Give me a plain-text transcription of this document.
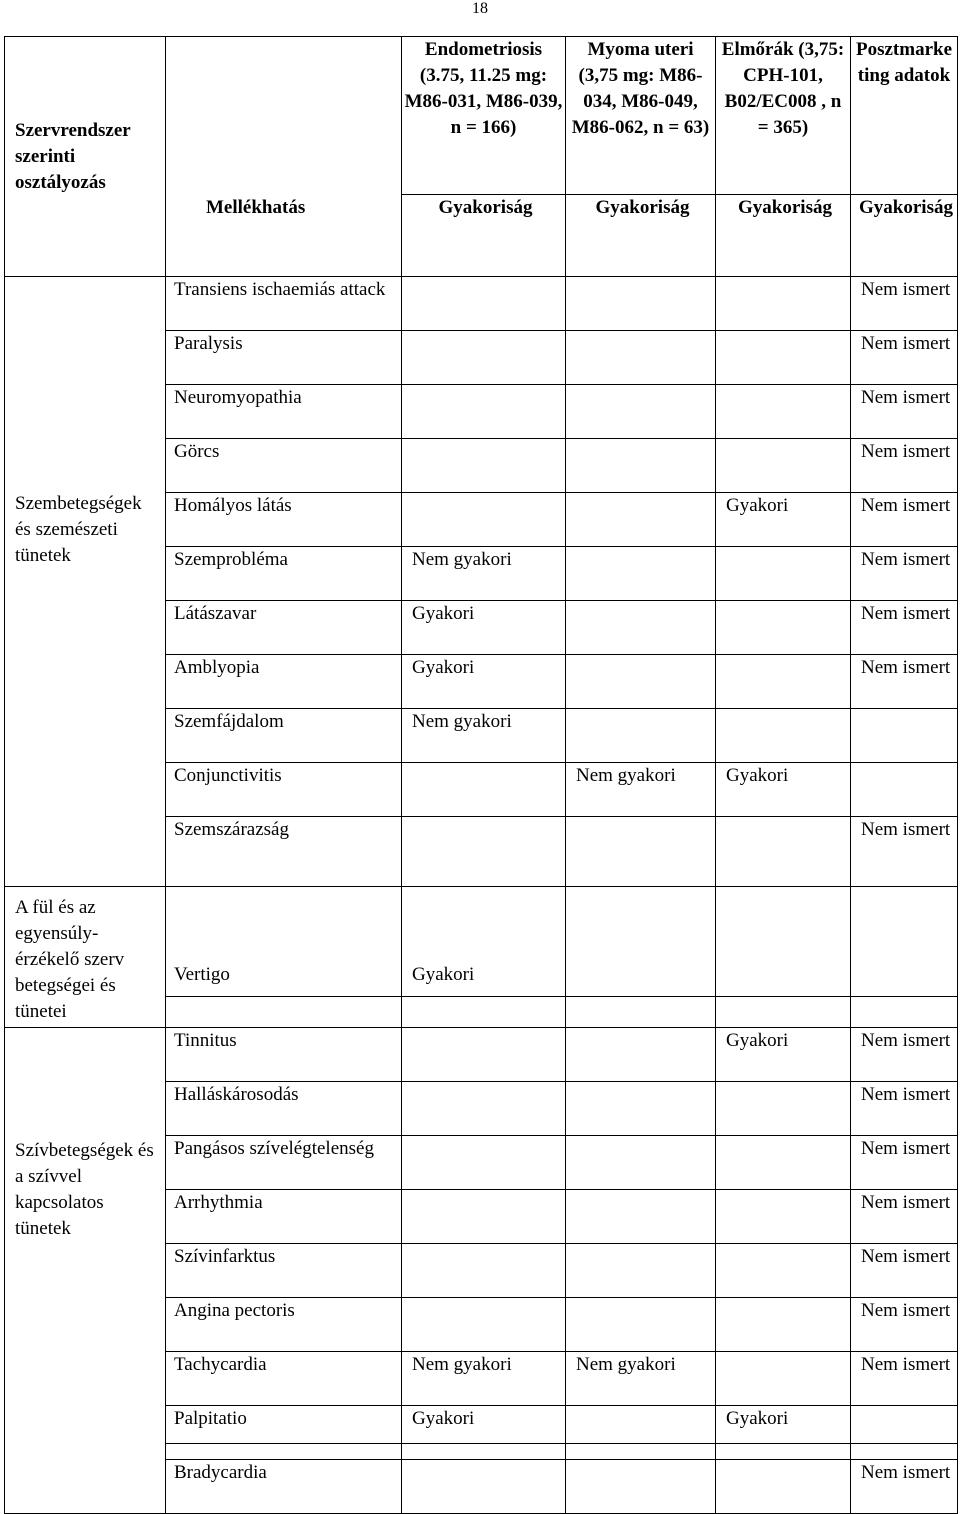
18
Szervrendszer szerinti osztályozás		Endometriosis (3.75, 11.25 mg: M86-031, M86-039, n = 166)	Myoma uteri (3,75 mg: M86-034, M86-049, M86-062, n = 63)	Elmőrák (3,75: CPH-101, B02/EC008 , n = 365)	Posztmarketing adatok
	Mellékhatás	Gyakoriság	Gyakoriság	Gyakoriság	Gyakoriság
Szembetegségek és szemészeti tünetek	Transiens ischaemiás attack				Nem ismert
	Paralysis				Nem ismert
	Neuromyopathia				Nem ismert
	Görcs				Nem ismert
	Homályos látás			Gyakori	Nem ismert
	Szemprobléma	Nem gyakori			Nem ismert
	Látászavar	Gyakori			Nem ismert
	Amblyopia	Gyakori			Nem ismert
	Szemfájdalom	Nem gyakori			
	Conjunctivitis		Nem gyakori	Gyakori	
	Szemszárazság				Nem ismert
A fül és az egyensúly-érzékelő szerv betegségei és tünetei	Vertigo	Gyakori			

Szívbetegségek és a szívvel kapcsolatos tünetek	Tinnitus			Gyakori	Nem ismert
	Halláskárosodás				Nem ismert
	Pangásos szívelégtelenség				Nem ismert
	Arrhythmia				Nem ismert
	Szívinfarktus				Nem ismert
	Angina pectoris				Nem ismert
	Tachycardia	Nem gyakori	Nem gyakori		Nem ismert
	Palpitatio	Gyakori		Gyakori	

	Bradycardia				Nem ismert
